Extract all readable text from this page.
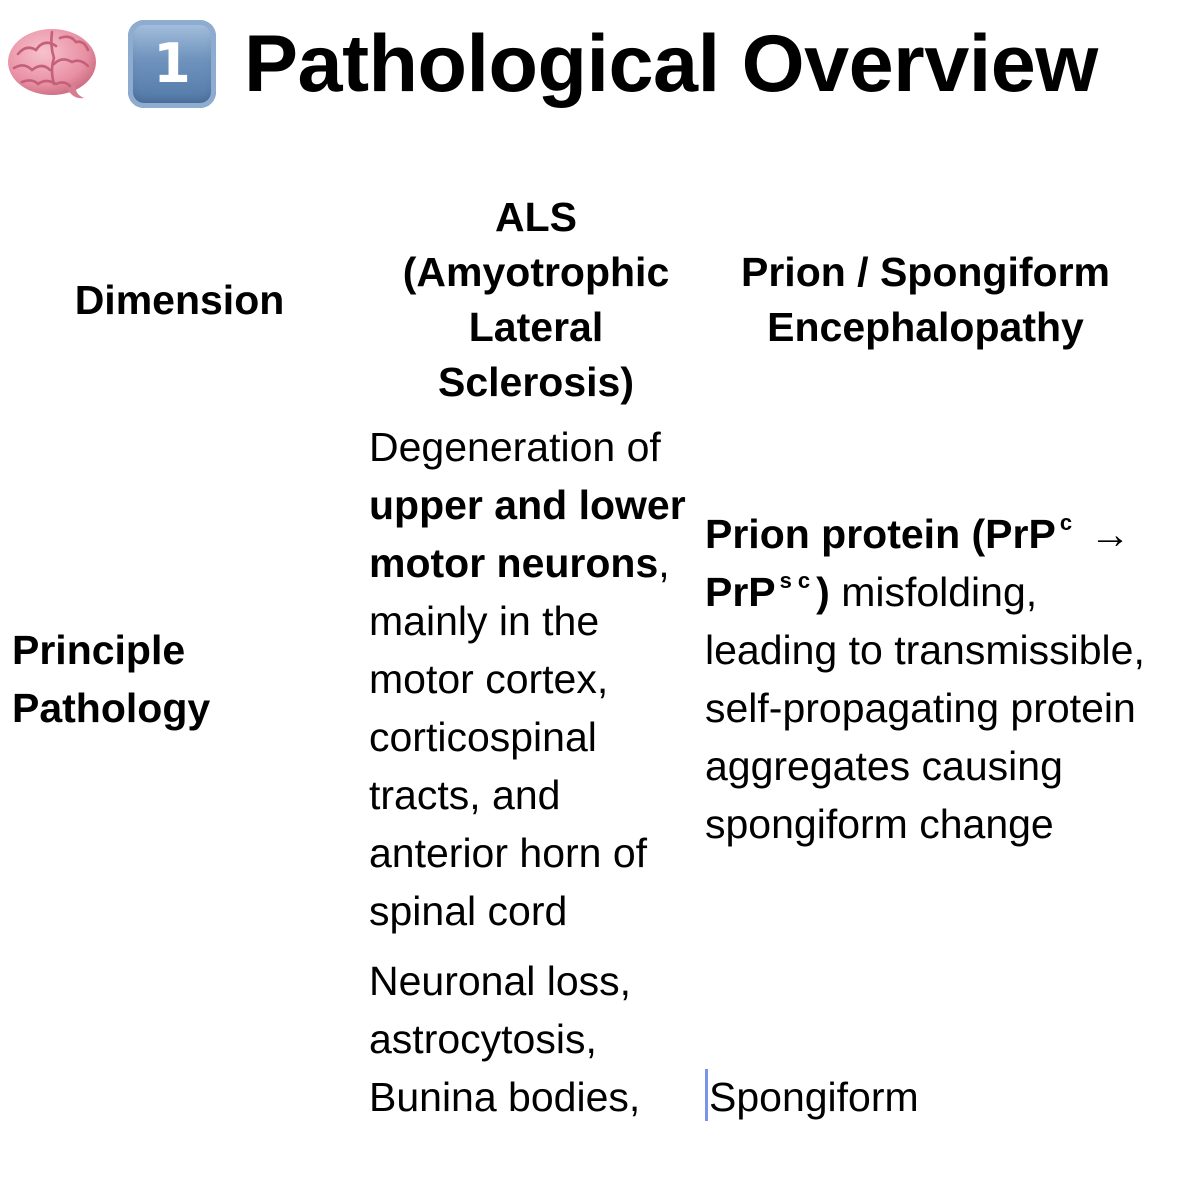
1 Pathological Overview
Dimension
ALS (Amyotrophic Lateral Sclerosis)
Prion / Spongiform Encephalopathy
Principle Pathology
Degeneration of upper and lower motor neurons, mainly in the motor cortex, corticospinal tracts, and anterior horn of spinal cord
Prion protein (PrP $^c$ → PrP $^{sc}$) misfolding, leading to transmissible, self-propagating protein aggregates causing spongiform change
Neuronal loss, astrocytosis, Bunina bodies,	Spongiform
